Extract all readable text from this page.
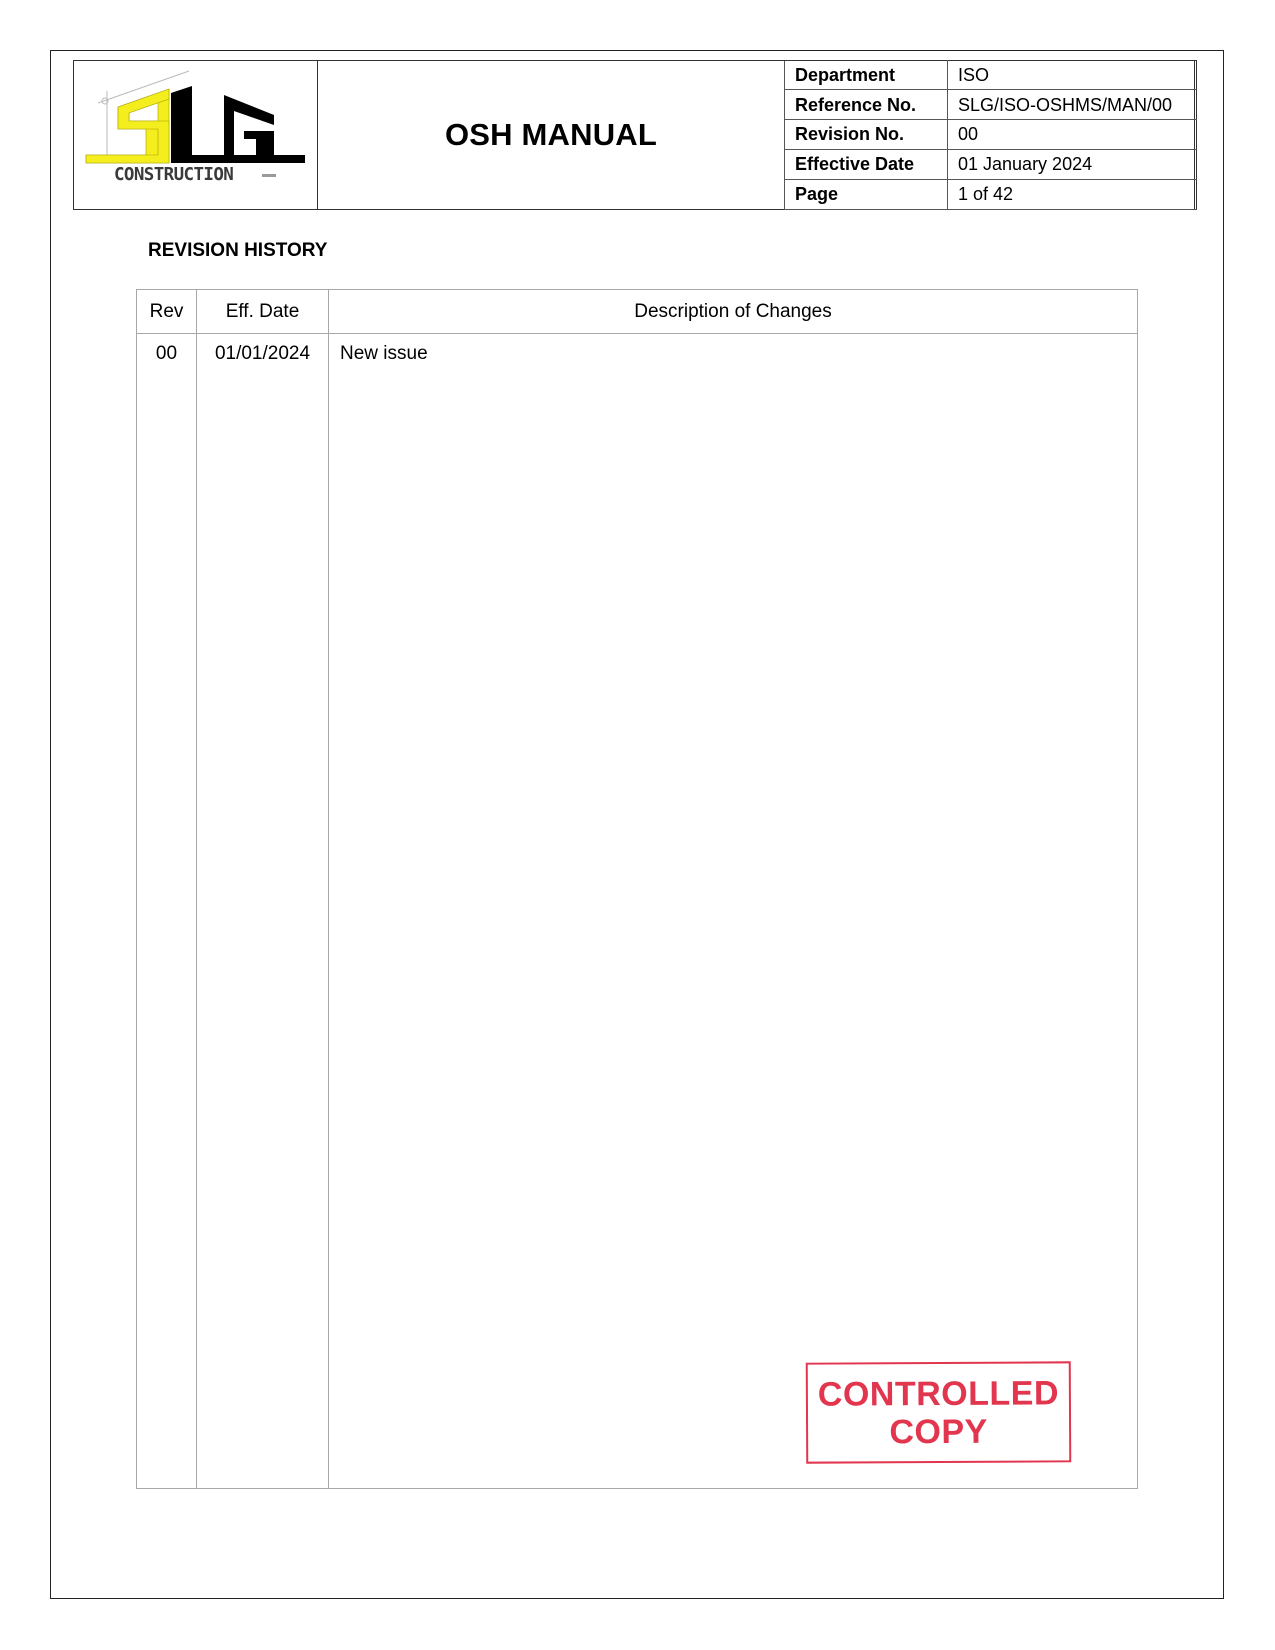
CONSTRUCTION
OSH MANUAL
Department	ISO
Reference No.	SLG/ISO-OSHMS/MAN/00
Revision No.	00
Effective Date	01 January 2024
Page	1 of 42
REVISION HISTORY
Rev	Eff. Date	Description of Changes
00	01/01/2024	New issue
CONTROLLED
COPY
